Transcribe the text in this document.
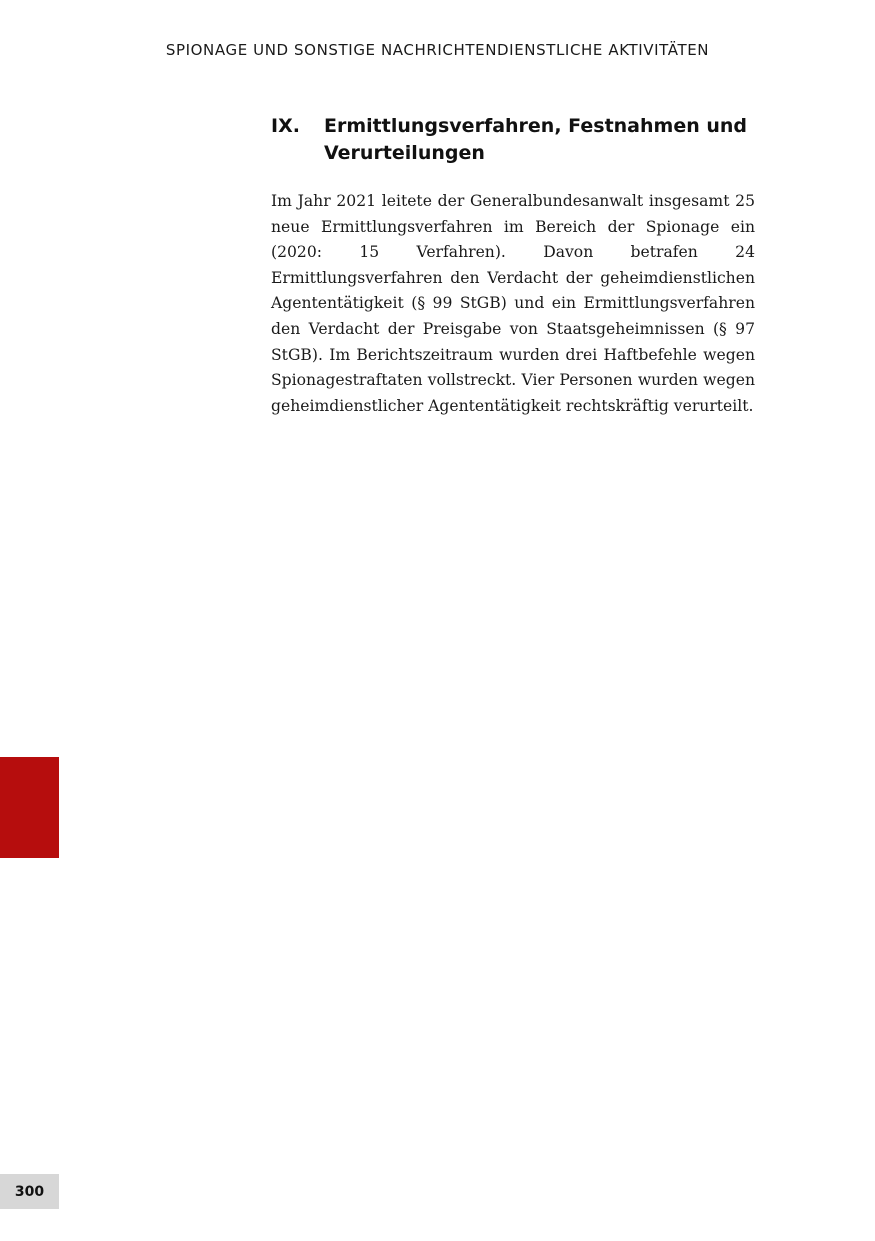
SPIONAGE UND SONSTIGE NACHRICHTENDIENSTLICHE AKTIVITÄTEN
IX.	Ermittlungsverfahren, Festnahmen und Verurteilungen

Im Jahr 2021 leitete der Generalbundesanwalt insgesamt 25 neue Ermittlungsverfahren im Bereich der Spionage ein (2020: 15 Verfahren). Davon betrafen 24 Ermittlungsverfahren den Verdacht der geheimdienstlichen Agententätigkeit (§ 99 StGB) und ein Ermittlungsverfahren den Verdacht der Preisgabe von Staatsgeheimnissen (§ 97 StGB). Im Berichtszeitraum wurden drei Haftbefehle wegen Spionagestraftaten vollstreckt. Vier Personen wurden wegen geheimdienstlicher Agententätigkeit rechtskräftig verurteilt.

300
